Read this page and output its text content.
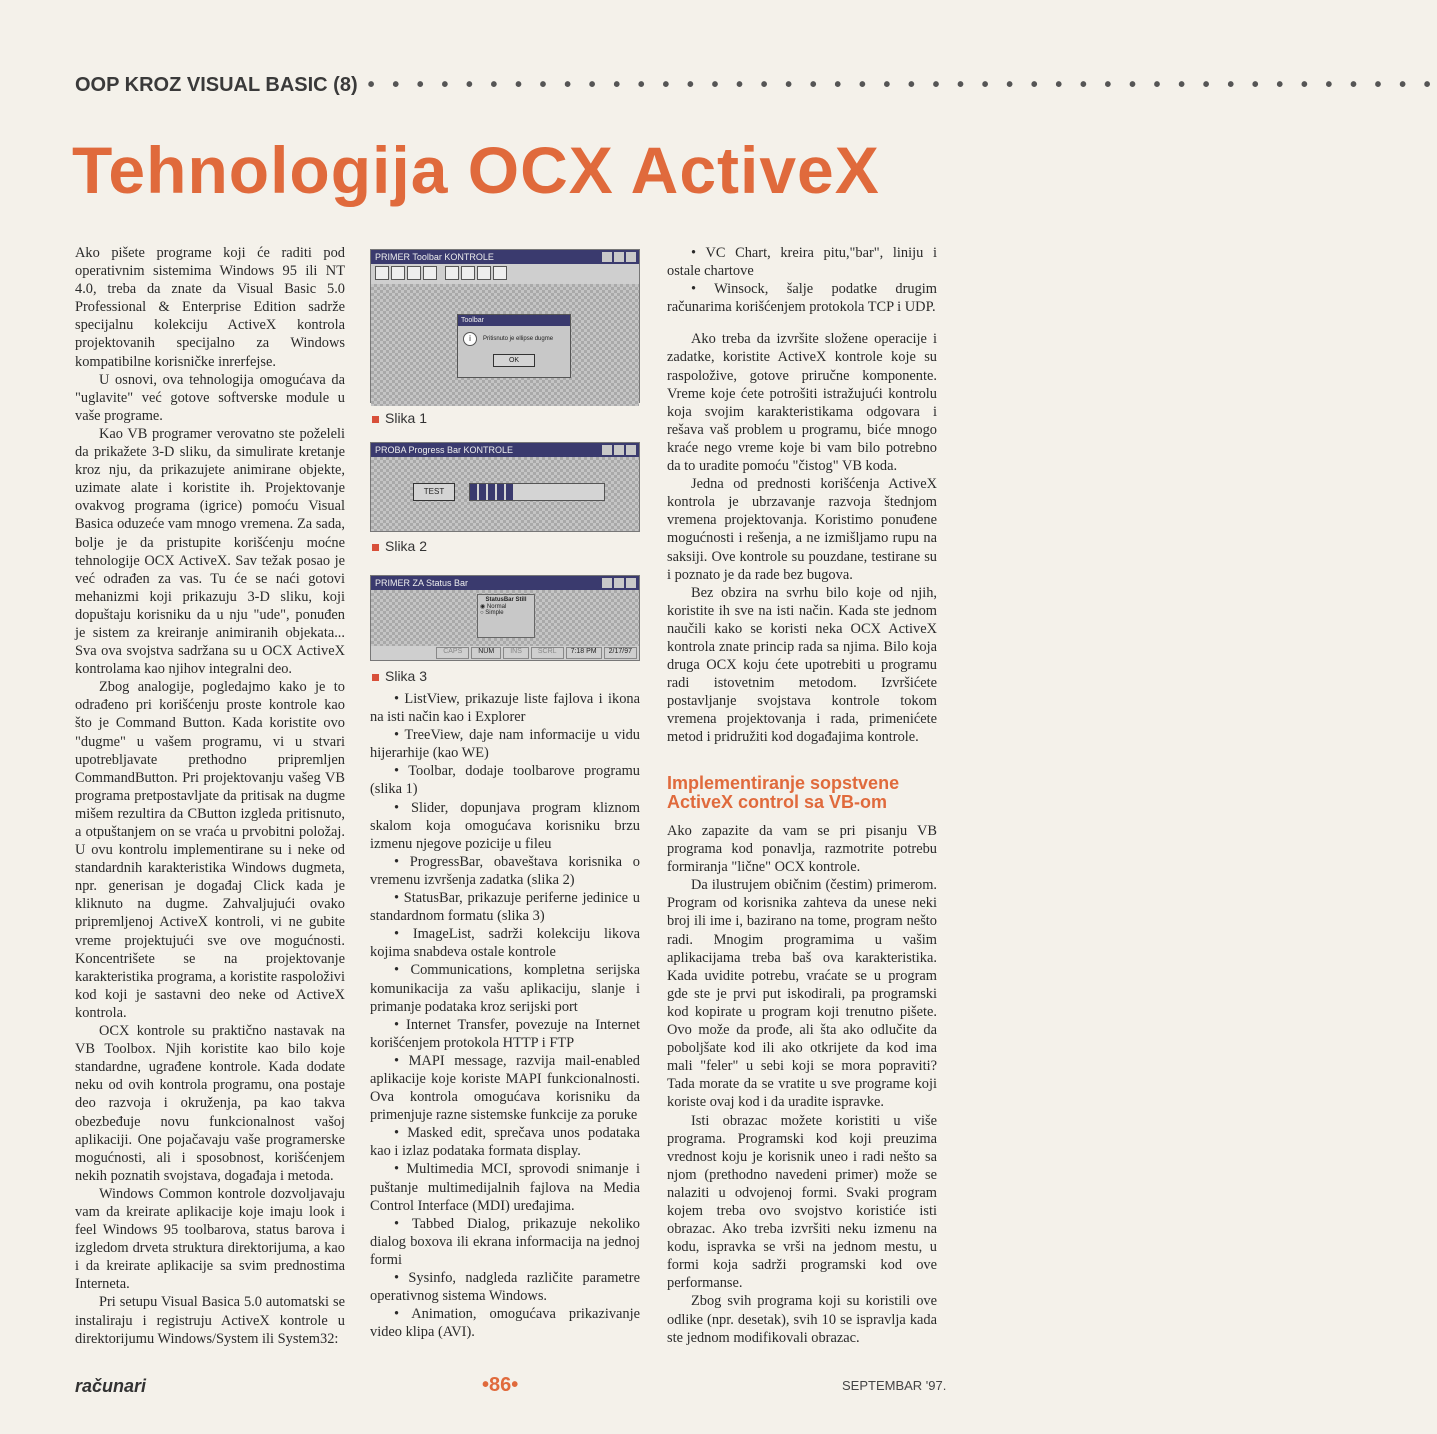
OOP KROZ VISUAL BASIC (8) • • • • • • • • • • • • • • • • • • • • • • • • • • • • • • • • • • • • • • • • • • • •
Tehnologija OCX ActiveX

Ako pišete programe koji će raditi pod operativnim sistemima Windows 95 ili NT 4.0, treba da znate da Visual Basic 5.0 Professional & Enterprise Edition sadrže specijalnu kolekciju ActiveX kontrola projektovanih specijalno za Windows kompatibilne korisničke inrerfejse.

U osnovi, ova tehnologija omogućava da "uglavite" već gotove softverske module u vaše programe.

Kao VB programer verovatno ste poželeli da prikažete 3-D sliku, da simulirate kretanje kroz nju, da prikazujete animirane objekte, uzimate alate i koristite ih. Projektovanje ovakvog programa (igrice) pomoću Visual Basica oduzeće vam mnogo vremena. Za sada, bolje je da pristupite korišćenju moćne tehnologije OCX ActiveX. Sav težak posao je već odrađen za vas. Tu će se naći gotovi mehanizmi koji prikazuju 3-D sliku, koji dopuštaju korisniku da u nju "ude", ponuđen je sistem za kreiranje animiranih objekata... Sva ova svojstva sadržana su u OCX ActiveX kontrolama kao njihov integralni deo.

Zbog analogije, pogledajmo kako je to odrađeno pri korišćenju proste kontrole kao što je Command Button. Kada koristite ovo "dugme" u vašem programu, vi u stvari upotrebljavate prethodno pripremljen CommandButton. Pri projektovanju vašeg VB programa pretpostavljate da pritisak na dugme mišem rezultira da CButton izgleda pritisnuto, a otpuštanjem on se vraća u prvobitni položaj. U ovu kontrolu implementirane su i neke od standardnih karakteristika Windows dugmeta, npr. generisan je događaj Click kada je kliknuto na dugme. Zahvaljujući ovako pripremljenoj ActiveX kontroli, vi ne gubite vreme projektujući sve ove mogućnosti. Koncentrišete se na projektovanje karakteristika programa, a koristite raspoloživi kod koji je sastavni deo neke od ActiveX kontrola.

OCX kontrole su praktično nastavak na VB Toolbox. Njih koristite kao bilo koje standardne, ugrađene kontrole. Kada dodate neku od ovih kontrola programu, ona postaje deo razvoja i okruženja, pa kao takva obezbeđuje novu funkcionalnost vašoj aplikaciji. One pojačavaju vaše programerske mogućnosti, ali i sposobnost, korišćenjem nekih poznatih svojstava, događaja i metoda.

Windows Common kontrole dozvoljavaju vam da kreirate aplikacije koje imaju look i feel Windows 95 toolbarova, status barova i izgledom drveta struktura direktorijuma, a kao i da kreirate aplikacije sa svim prednostima Interneta.

Pri setupu Visual Basica 5.0 automatski se instaliraju i registruju ActiveX kontrole u direktorijumu Windows/System ili System32:

PRIMER Toolbar KONTROLE
Toolbar
i	Pritisnuto je ellipse dugme
OK
Slika 1
PROBA Progress Bar KONTROLE
TEST
Slika 2
PRIMER ZA Status Bar
StatusBar Still
◉ Normal
○ Simple
CAPS	NUM	INS	SCRL	7:18 PM	2/17/97
Slika 3

• ListView, prikazuje liste fajlova i ikona na isti način kao i Explorer

• TreeView, daje nam informacije u vidu hijerarhije (kao WE)

• Toolbar, dodaje toolbarove programu (slika 1)

• Slider, dopunjava program kliznom skalom koja omogućava korisniku brzu izmenu njegove pozicije u fileu

• ProgressBar, obaveštava korisnika o vremenu izvršenja zadatka (slika 2)

• StatusBar, prikazuje periferne jedinice u standardnom formatu (slika 3)

• ImageList, sadrži kolekciju likova kojima snabdeva ostale kontrole

• Communications, kompletna serijska komunikacija za vašu aplikaciju, slanje i primanje podataka kroz serijski port

• Internet Transfer, povezuje na Internet korišćenjem protokola HTTP i FTP

• MAPI message, razvija mail-enabled aplikacije koje koriste MAPI funkcionalnosti. Ova kontrola omogućava korisniku da primenjuje razne sistemske funkcije za poruke

• Masked edit, sprečava unos podataka kao i izlaz podataka formata display.

• Multimedia MCI, sprovodi snimanje i puštanje multimedijalnih fajlova na Media Control Interface (MDI) uređajima.

• Tabbed Dialog, prikazuje nekoliko dialog boxova ili ekrana informacija na jednoj formi

• Sysinfo, nadgleda različite parametre operativnog sistema Windows.

• Animation, omogućava prikazivanje video klipa (AVI).

• VC Chart, kreira pitu,"bar", liniju i ostale chartove

• Winsock, šalje podatke drugim računarima korišćenjem protokola TCP i UDP.

Ako treba da izvršite složene operacije i zadatke, koristite ActiveX kontrole koje su raspoložive, gotove priručne komponente. Vreme koje ćete potrošiti istražujući kontrolu koja svojim karakteristikama odgovara i rešava vaš problem u programu, biće mnogo kraće nego vreme koje bi vam bilo potrebno da to uradite pomoću "čistog" VB koda.

Jedna od prednosti korišćenja ActiveX kontrola je ubrzavanje razvoja štednjom vremena projektovanja. Koristimo ponuđene mogućnosti i rešenja, a ne izmišljamo rupu na saksiji. Ove kontrole su pouzdane, testirane su i poznato je da rade bez bugova.

Bez obzira na svrhu bilo koje od njih, koristite ih sve na isti način. Kada ste jednom naučili kako se koristi neka OCX ActiveX kontrola znate princip rada sa njima. Bilo koja druga OCX koju ćete upotrebiti u programu radi istovetnim metodom. Izvršićete postavljanje svojstava kontrole tokom vremena projektovanja i rada, primenićete metod i pridružiti kod događajima kontrole.

Implementiranje sopstvene ActiveX control sa VB-om

Ako zapazite da vam se pri pisanju VB programa kod ponavlja, razmotrite potrebu formiranja "lične" OCX kontrole.

Da ilustrujem običnim (čestim) primerom. Program od korisnika zahteva da unese neki broj ili ime i, bazirano na tome, program nešto radi. Mnogim programima u vašim aplikacijama treba baš ova karakteristika. Kada uvidite potrebu, vraćate se u program gde ste je prvi put iskodirali, pa programski kod kopirate u program koji trenutno pišete. Ovo može da prođe, ali šta ako odlučite da poboljšate kod ili ako otkrijete da kod ima mali "feler" u sebi koji se mora popraviti? Tada morate da se vratite u sve programe koji koriste ovaj kod i da uradite ispravke.

Isti obrazac možete koristiti u više programa. Programski kod koji preuzima vrednost koju je korisnik uneo i radi nešto sa njom (prethodno navedeni primer) može se nalaziti u odvojenoj formi. Svaki program kojem treba ovo svojstvo koristiće isti obrazac. Ako treba izvršiti neku izmenu na kodu, ispravka se vrši na jednom mestu, u formi koja sadrži programski kod ove performanse.

Zbog svih programa koji su koristili ove odlike (npr. desetak), svih 10 se ispravlja kada ste jednom modifikovali obrazac.

računari	•86•	SEPTEMBAR '97.
